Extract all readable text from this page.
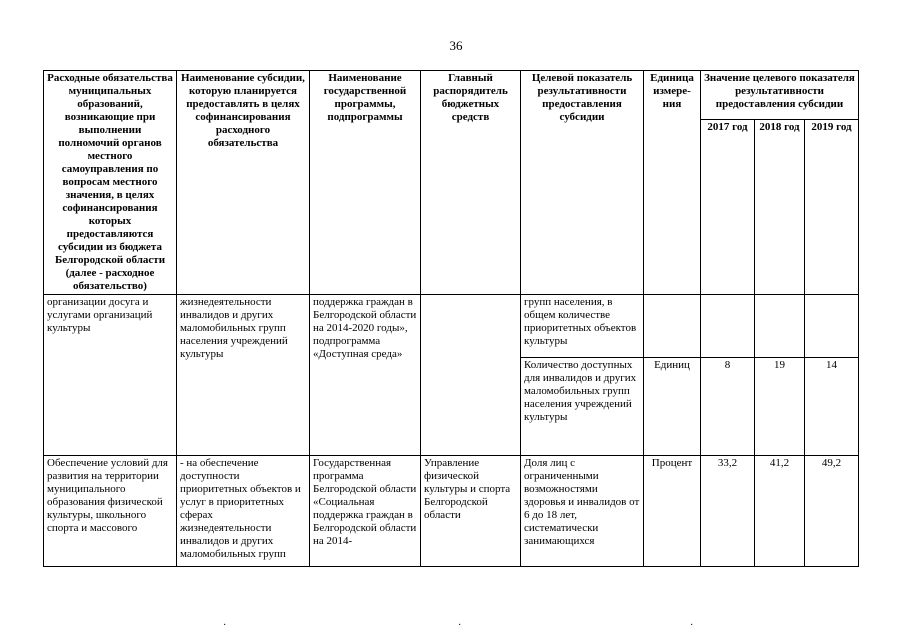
36
Расходные обязательства муниципальных образований, возникающие при выполнении полномочий органов местного самоуправления по вопросам местного значения, в целях софинансирования которых предоставляются субсидии из бюджета Белгородской области (далее - расходное обязательство)	Наименование субсидии, которую планируется предоставлять в целях софинансирования расходного обязательства	Наименование государственной программы, подпрограммы	Главный распорядитель бюджетных средств	Целевой показатель результативности предоставления субсидии	Единица измере-ния	Значение целевого показателя результативности предоставления субсидии		
						2017 год	2018 год	2019 год
организации досуга и услугами организаций культуры	жизнедеятельности инвалидов и других маломобильных групп населения учреждений культуры	поддержка граждан в Белгородской области на 2014-2020 годы», подпрограмма «Доступная среда»		групп населения, в общем количестве приоритетных объектов культуры				
				Количество доступных для инвалидов и других маломобильных групп населения учреждений культуры	Единиц	8	19	14
Обеспечение условий для развития на территории муниципального образования физической культуры, школьного спорта и массового	- на обеспечение доступности приоритетных объектов и услуг в приоритетных сферах жизнедеятельности инвалидов и других маломобильных групп	Государственная программа Белгородской области «Социальная поддержка граждан в Белгородской области на 2014-	Управление физической культуры и спорта Белгородской области	Доля лиц с ограниченными возможностями здоровья и инвалидов от 6 до 18 лет, систематически занимающихся	Процент	33,2	41,2	49,2
·	·	·
